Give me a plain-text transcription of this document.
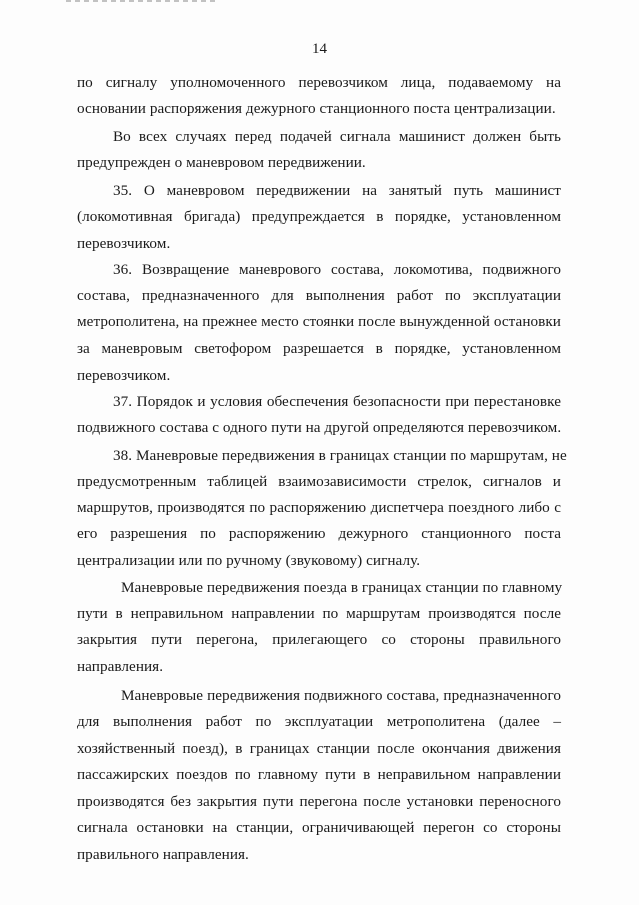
14
по сигналу уполномоченного перевозчиком лица, подаваемому на
основании распоряжения дежурного станционного поста централизации.
Во всех случаях перед подачей сигнала машинист должен быть
предупрежден о маневровом передвижении.
35. О маневровом передвижении на занятый путь машинист
(локомотивная бригада) предупреждается в порядке, установленном
перевозчиком.
36. Возвращение маневрового состава, локомотива, подвижного
состава, предназначенного для выполнения работ по эксплуатации
метрополитена, на прежнее место стоянки после вынужденной остановки
за маневровым светофором разрешается в порядке, установленном
перевозчиком.
37. Порядок и условия обеспечения безопасности при перестановке
подвижного состава с одного пути на другой определяются перевозчиком.
38. Маневровые передвижения в границах станции по маршрутам, не
предусмотренным таблицей взаимозависимости стрелок, сигналов и
маршрутов, производятся по распоряжению диспетчера поездного либо с
его разрешения по распоряжению дежурного станционного поста
централизации или по ручному (звуковому) сигналу.
Маневровые передвижения поезда в границах станции по главному
пути в неправильном направлении по маршрутам производятся после
закрытия пути перегона, прилегающего со стороны правильного
направления.
Маневровые передвижения подвижного состава, предназначенного
для выполнения работ по эксплуатации метрополитена (далее –
хозяйственный поезд), в границах станции после окончания движения
пассажирских поездов по главному пути в неправильном направлении
производятся без закрытия пути перегона после установки переносного
сигнала остановки на станции, ограничивающей перегон со стороны
правильного направления.
